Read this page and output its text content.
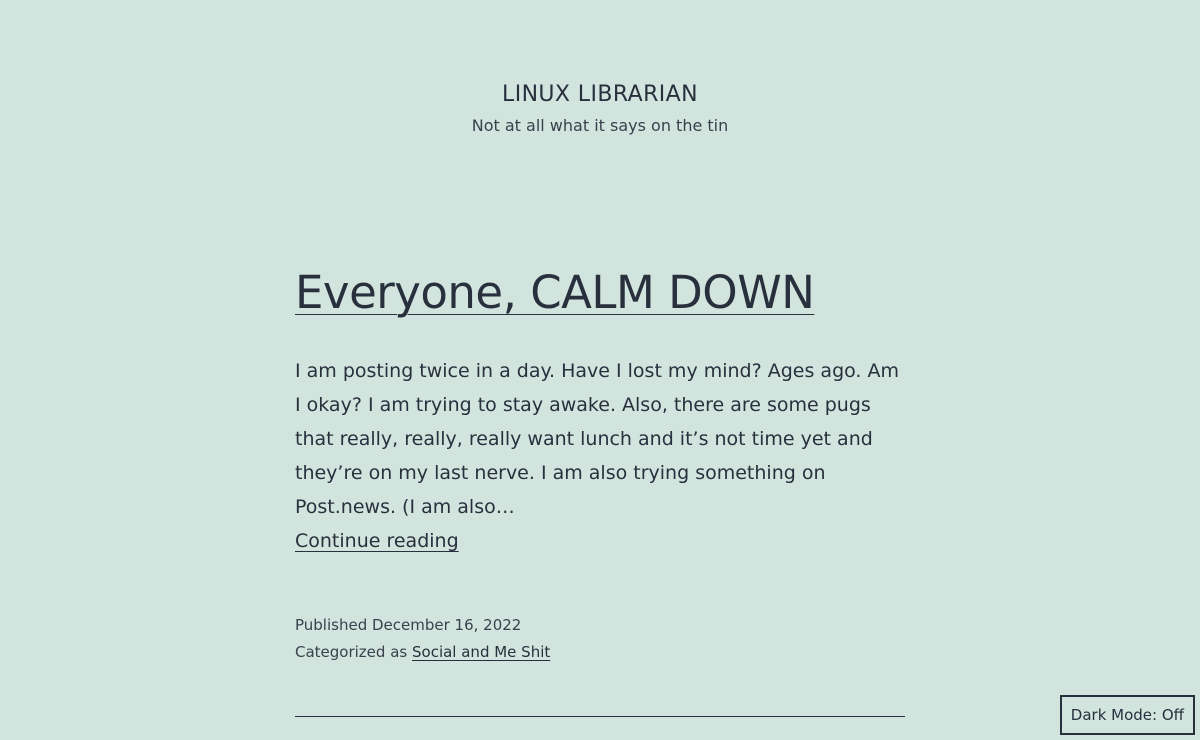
LINUX LIBRARIAN
Not at all what it says on the tin
Everyone, CALM DOWN
I am posting twice in a day. Have I lost my mind? Ages ago. Am I okay? I am trying to stay awake. Also, there are some pugs that really, really, really want lunch and it’s not time yet and they’re on my last nerve. I am also trying something on Post.news. (I am also…
Continue reading
Published December 16, 2022
Categorized as Social and Me Shit
Dark Mode: Off
